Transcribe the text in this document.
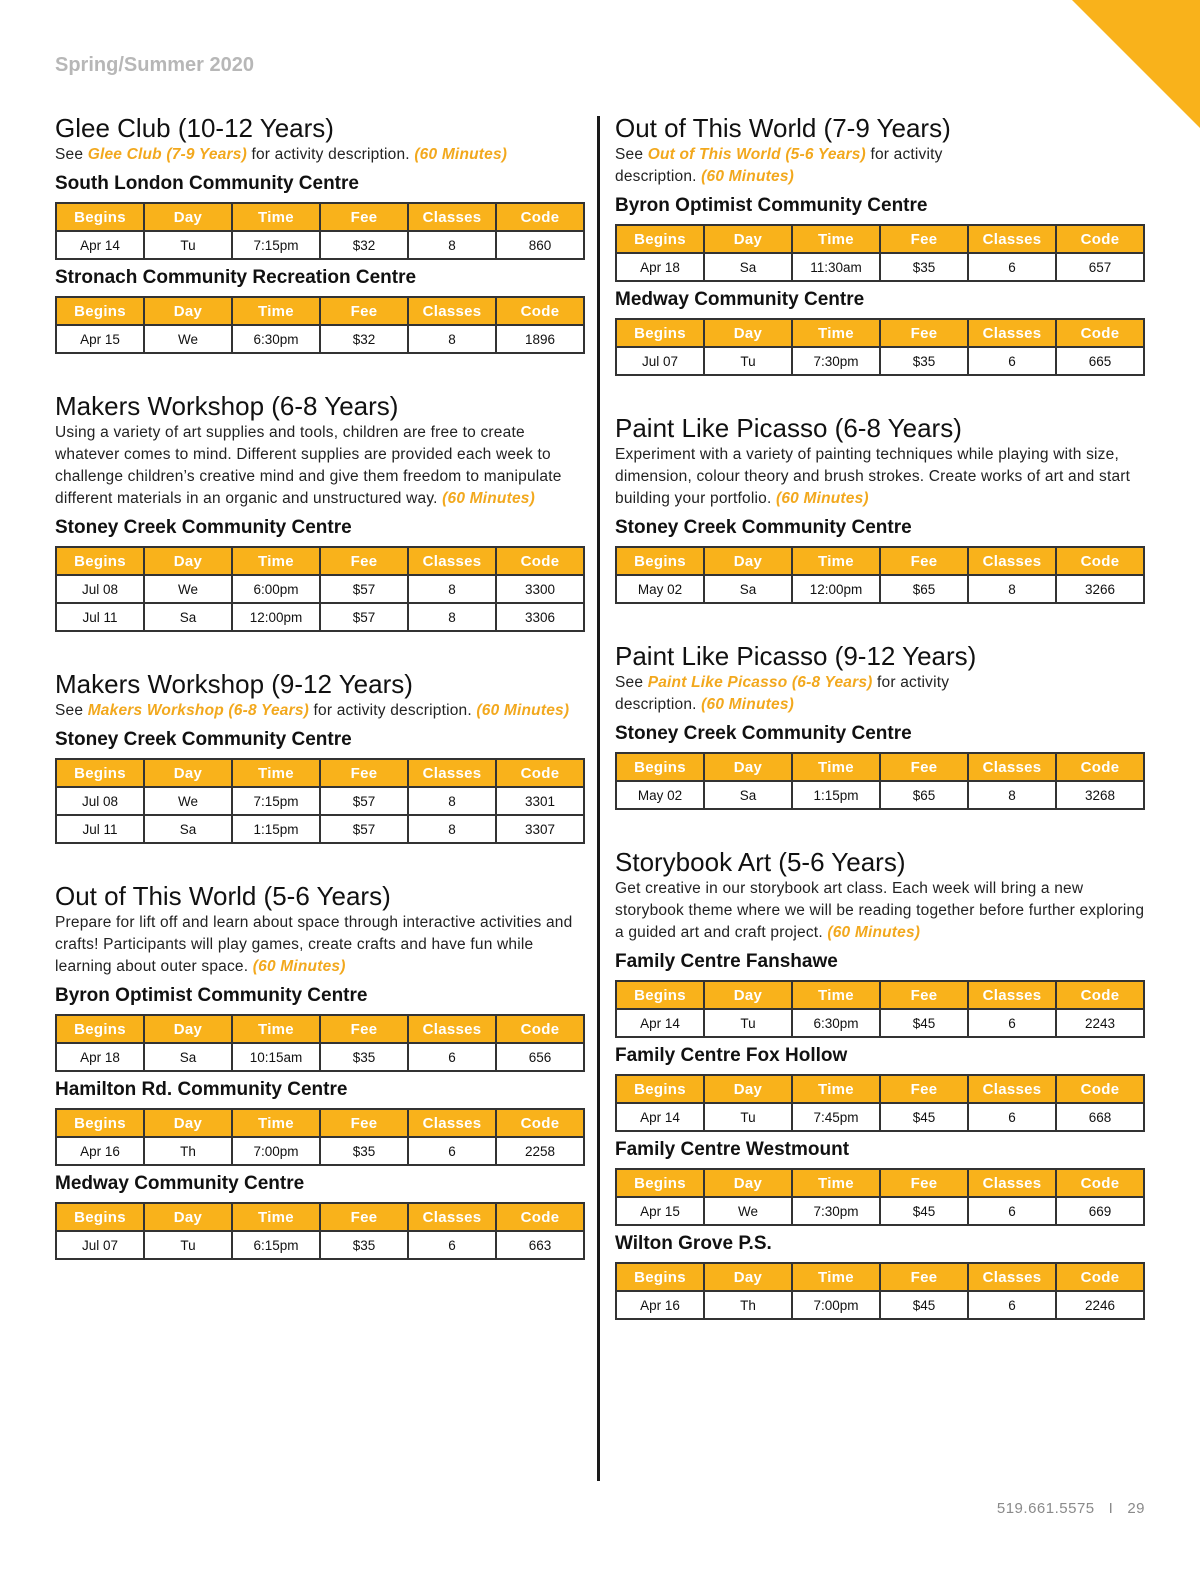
Spring/Summer 2020
Glee Club (10-12 Years)

See Glee Club (7-9 Years) for activity description. (60 Minutes)

South London Community Centre
Begins	Day	Time	Fee	Classes	Code
Apr 14	Tu	7:15pm	$32	8	860
Stronach Community Recreation Centre
Begins	Day	Time	Fee	Classes	Code
Apr 15	We	6:30pm	$32	8	1896
Makers Workshop (6-8 Years)

Using a variety of art supplies and tools, children are free to create whatever comes to mind. Different supplies are provided each week to challenge children’s creative mind and give them freedom to manipulate different materials in an organic and unstructured way. (60 Minutes)

Stoney Creek Community Centre
Begins	Day	Time	Fee	Classes	Code
Jul 08	We	6:00pm	$57	8	3300
Jul 11	Sa	12:00pm	$57	8	3306
Makers Workshop (9-12 Years)

See Makers Workshop (6-8 Years) for activity description. (60 Minutes)

Stoney Creek Community Centre
Begins	Day	Time	Fee	Classes	Code
Jul 08	We	7:15pm	$57	8	3301
Jul 11	Sa	1:15pm	$57	8	3307
Out of This World (5-6 Years)

Prepare for lift off and learn about space through interactive activities and crafts! Participants will play games, create crafts and have fun while learning about outer space. (60 Minutes)

Byron Optimist Community Centre
Begins	Day	Time	Fee	Classes	Code
Apr 18	Sa	10:15am	$35	6	656
Hamilton Rd. Community Centre
Begins	Day	Time	Fee	Classes	Code
Apr 16	Th	7:00pm	$35	6	2258
Medway Community Centre
Begins	Day	Time	Fee	Classes	Code
Jul 07	Tu	6:15pm	$35	6	663
Out of This World (7-9 Years)

See Out of This World (5-6 Years) for activity description. (60 Minutes)

Byron Optimist Community Centre
Begins	Day	Time	Fee	Classes	Code
Apr 18	Sa	11:30am	$35	6	657
Medway Community Centre
Begins	Day	Time	Fee	Classes	Code
Jul 07	Tu	7:30pm	$35	6	665
Paint Like Picasso (6-8 Years)

Experiment with a variety of painting techniques while playing with size, dimension, colour theory and brush strokes. Create works of art and start building your portfolio. (60 Minutes)

Stoney Creek Community Centre
Begins	Day	Time	Fee	Classes	Code
May 02	Sa	12:00pm	$65	8	3266
Paint Like Picasso (9-12 Years)

See Paint Like Picasso (6-8 Years) for activity description. (60 Minutes)

Stoney Creek Community Centre
Begins	Day	Time	Fee	Classes	Code
May 02	Sa	1:15pm	$65	8	3268
Storybook Art (5-6 Years)

Get creative in our storybook art class. Each week will bring a new storybook theme where we will be reading together before further exploring a guided art and craft project. (60 Minutes)

Family Centre Fanshawe
Begins	Day	Time	Fee	Classes	Code
Apr 14	Tu	6:30pm	$45	6	2243
Family Centre Fox Hollow
Begins	Day	Time	Fee	Classes	Code
Apr 14	Tu	7:45pm	$45	6	668
Family Centre Westmount
Begins	Day	Time	Fee	Classes	Code
Apr 15	We	7:30pm	$45	6	669
Wilton Grove P.S.
Begins	Day	Time	Fee	Classes	Code
Apr 16	Th	7:00pm	$45	6	2246
519.661.5575 I 29
